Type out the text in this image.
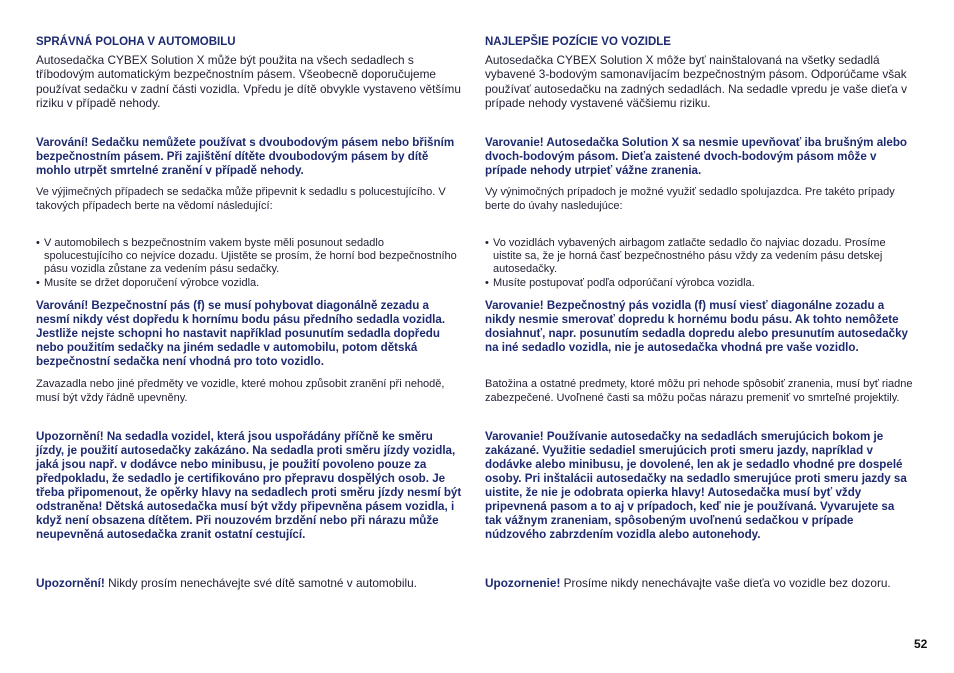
SPRÁVNÁ POLOHA V AUTOMOBILU

Autosedačka CYBEX Solution X může být použita na všech sedadlech s tříbodovým automatickým bezpečnostním pásem. Všeobecně doporučujeme používat sedačku v zadní části vozidla. Vpředu je dítě obvykle vystaveno většímu riziku v případě nehody.

Varování! Sedačku nemůžete používat s dvoubodovým pásem nebo břišním bezpečnostním pásem. Při zajištění dítěte dvoubodovým pásem by dítě mohlo utrpět smrtelné zranění v případě nehody.

Ve výjimečných případech se sedačka může připevnit k sedadlu s polucestujícího. V takových případech berte na vědomí následující:

• V automobilech s bezpečnostním vakem byste měli posunout sedadlo spolucestujícího co nejvíce dozadu. Ujistěte se prosím, že horní bod bezpečnostního pásu vozidla zůstane za vedením pásu sedačky.
• Musíte se držet doporučení výrobce vozidla.

Varování! Bezpečnostní pás (f) se musí pohybovat diagonálně zezadu a nesmí nikdy vést dopředu k hornímu bodu pásu předního sedadla vozidla. Jestliže nejste schopni ho nastavit například posunutím sedadla dopředu nebo použitím sedačky na jiném sedadle v automobilu, potom dětská bezpečnostní sedačka není vhodná pro toto vozidlo.

Zavazadla nebo jiné předměty ve vozidle, které mohou způsobit zranění při nehodě, musí být vždy řádně upevněny.

Upozornění! Na sedadla vozidel, která jsou uspořádány příčně ke směru jízdy, je použití autosedačky zakázáno. Na sedadla proti směru jízdy vozidla, jaká jsou např. v dodávce nebo minibusu, je použití povoleno pouze za předpokladu, že sedadlo je certifikováno pro přepravu dospělých osob. Je třeba připomenout, že opěrky hlavy na sedadlech proti směru jízdy nesmí být odstraněna! Dětská autosedačka musí být vždy připevněna pásem vozidla, i když není obsazena dítětem. Při nouzovém brzdění nebo při nárazu může neupevněná autosedačka zranit ostatní cestující.

Upozornění! Nikdy prosím nenechávejte své dítě samotné v automobilu.

NAJLEPŠIE POZÍCIE VO VOZIDLE

Autosedačka CYBEX Solution X môže byť nainštalovaná na všetky sedadlá vybavené 3-bodovým samonavíjacím bezpečnostným pásom. Odporúčame však používať autosedačku na zadných sedadlách. Na sedadle vpredu je vaše dieťa v prípade nehody vystavené väčšiemu riziku.

Varovanie! Autosedačka Solution X sa nesmie upevňovať iba brušným alebo dvoch-bodovým pásom. Dieťa zaistené dvoch-bodovým pásom môže v prípade nehody utrpieť vážne zranenia.

Vy výnimočných prípadoch je možné využiť sedadlo spolujazdca. Pre takéto prípady berte do úvahy nasledujúce:

• Vo vozidlách vybavených airbagom zatlačte sedadlo čo najviac dozadu. Prosíme uistite sa, že je horná časť bezpečnostného pásu vždy za vedením pásu detskej autosedačky.
• Musíte postupovať podľa odporúčaní výrobca vozidla.

Varovanie! Bezpečnostný pás vozidla (f) musí viesť diagonálne zozadu a nikdy nesmie smerovať dopredu k hornému bodu pásu. Ak tohto nemôžete dosiahnuť, napr. posunutím sedadla dopredu alebo presunutím autosedačky na iné sedadlo vozidla, nie je autosedačka vhodná pre vaše vozidlo.

Batožina a ostatné predmety, ktoré môžu pri nehode spôsobiť zranenia, musí byť riadne zabezpečené. Uvoľnené časti sa môžu počas nárazu premeniť vo smrteľné projektily.

Varovanie! Používanie autosedačky na sedadlách smerujúcich bokom je zakázané. Využitie sedadiel smerujúcich proti smeru jazdy, napríklad v dodávke alebo minibusu, je dovolené, len ak je sedadlo vhodné pre dospelé osoby. Pri inštalácii autosedačky na sedadlo smerujúce proti smeru jazdy sa uistite, že nie je odobrata opierka hlavy! Autosedačka musí byť vždy pripevnená pasom a to aj v prípadoch, keď nie je používaná. Vyvarujete sa tak vážnym zraneniam, spôsobeným uvoľnenú sedačkou v prípade núdzového zabrzdením vozidla alebo autonehody.

Upozornenie! Prosíme nikdy nenechávajte vaše dieťa vo vozidle bez dozoru.

52
